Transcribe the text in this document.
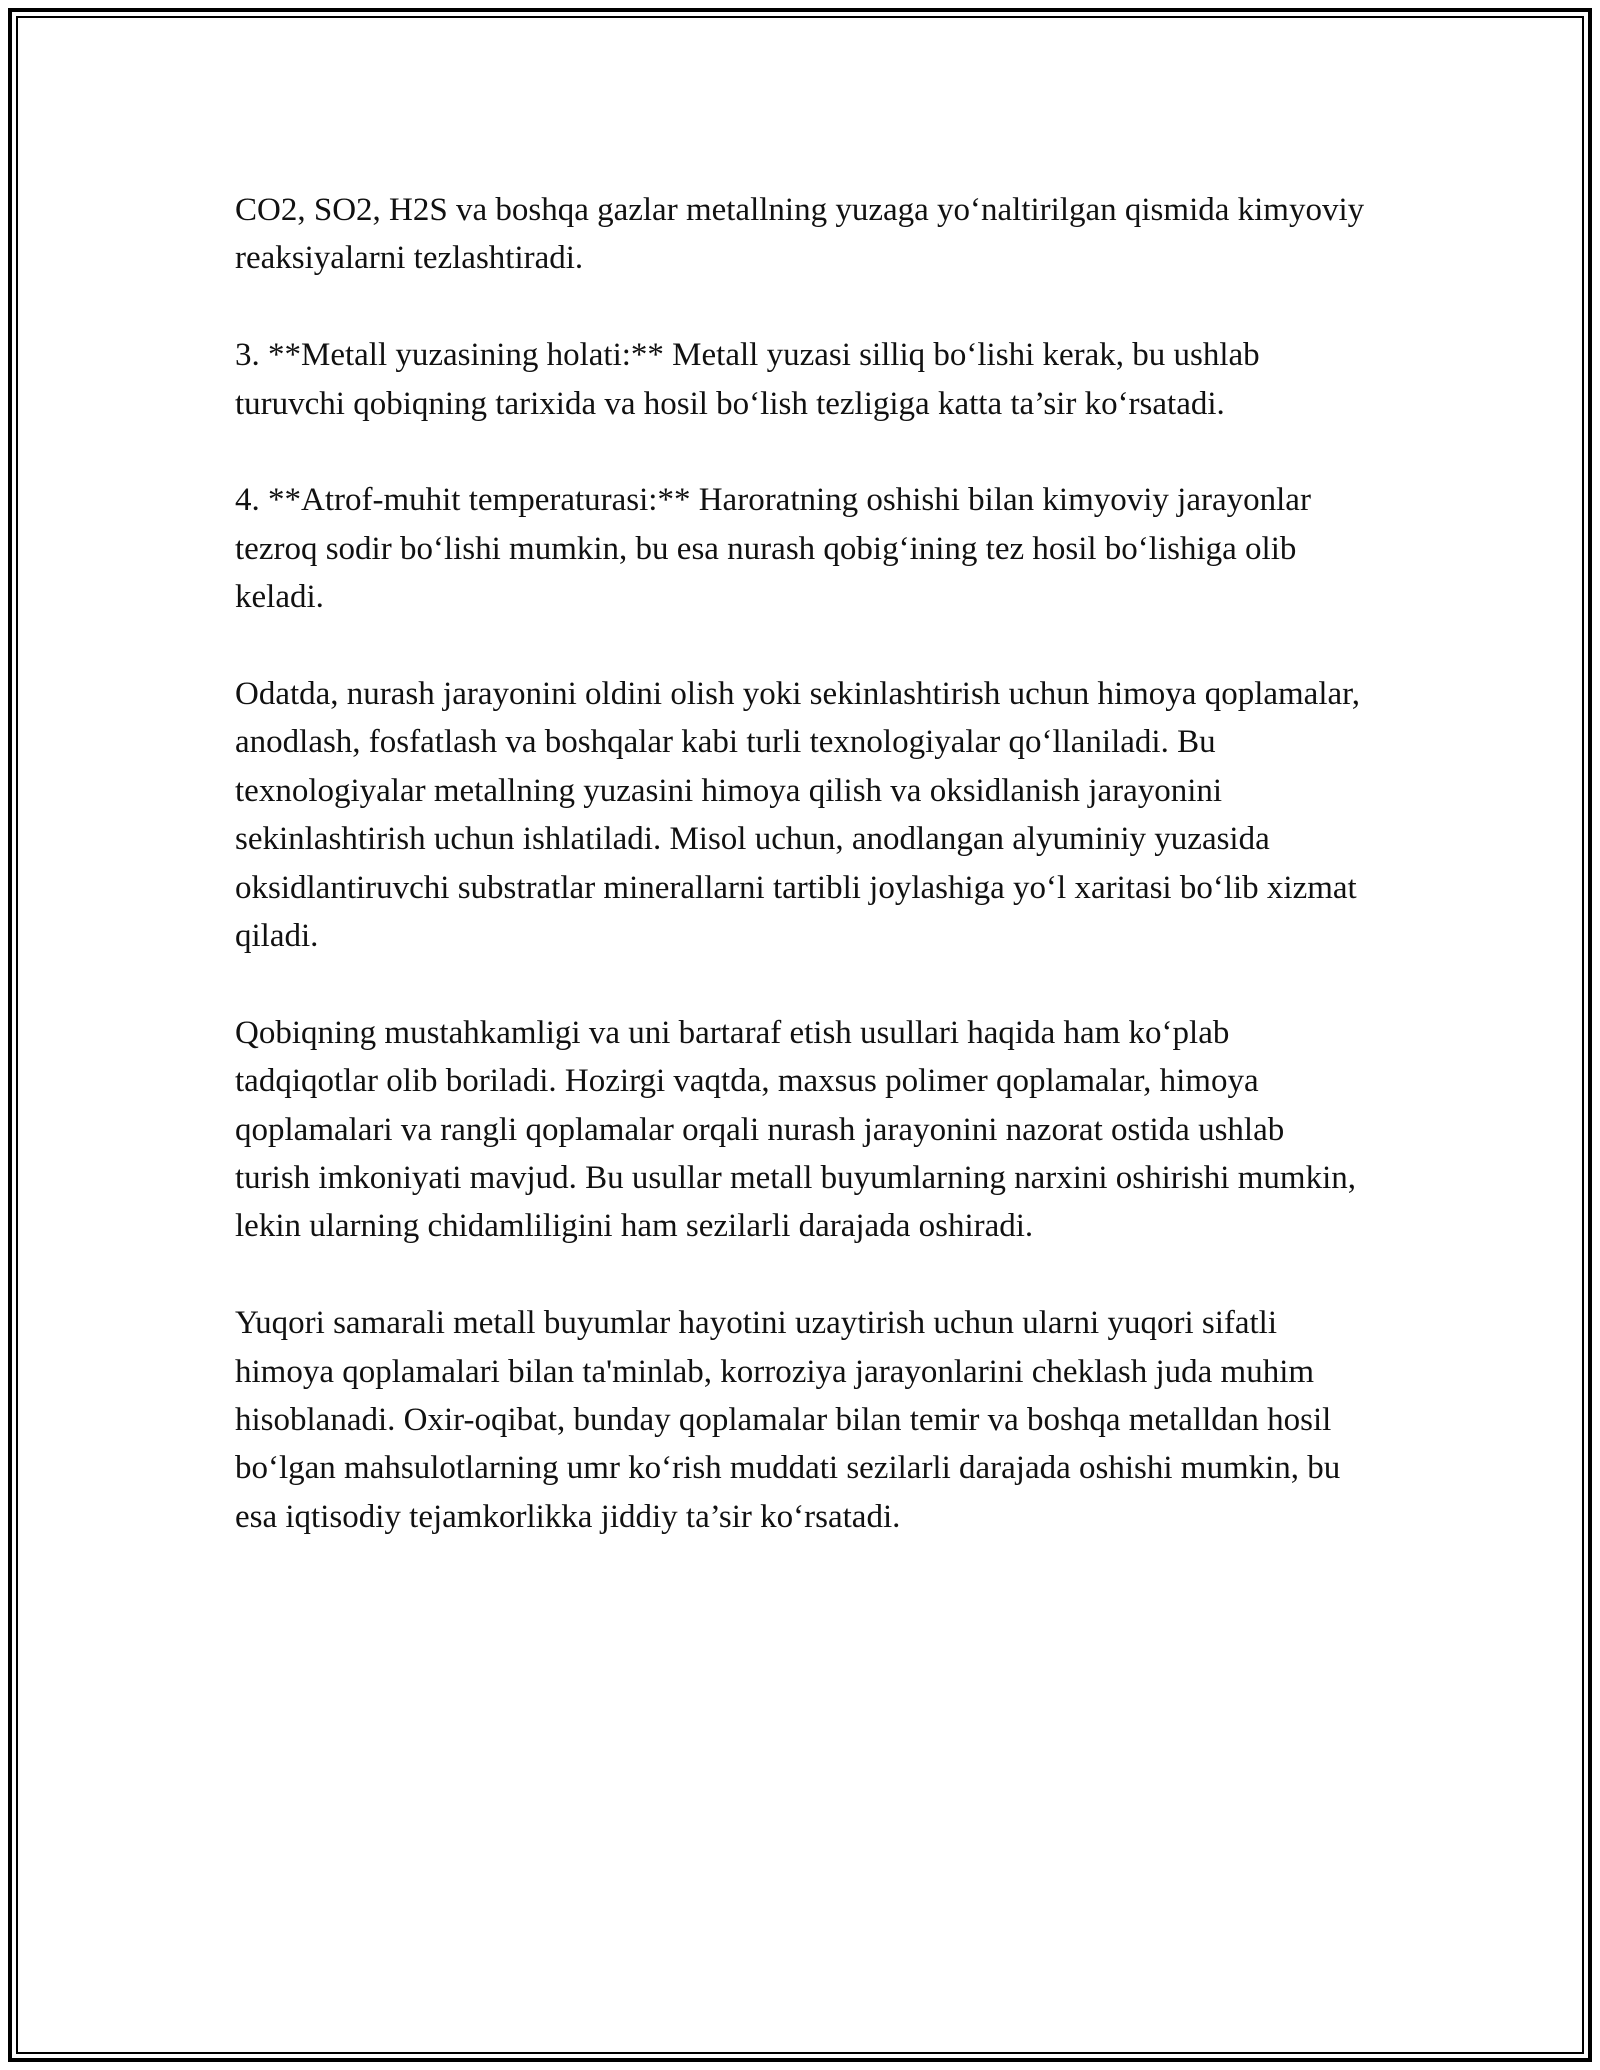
CO2, SO2, H2S va boshqa gazlar metallning yuzaga yo‘naltirilgan qismida kimyoviy reaksiyalarni tezlashtiradi.

3. **Metall yuzasining holati:** Metall yuzasi silliq bo‘lishi kerak, bu ushlab turuvchi qobiqning tarixida va hosil bo‘lish tezligiga katta ta’sir ko‘rsatadi.

4. **Atrof-muhit temperaturasi:** Haroratning oshishi bilan kimyoviy jarayonlar tezroq sodir bo‘lishi mumkin, bu esa nurash qobig‘ining tez hosil bo‘lishiga olib keladi.

Odatda, nurash jarayonini oldini olish yoki sekinlashtirish uchun himoya qoplamalar, anodlash, fosfatlash va boshqalar kabi turli texnologiyalar qo‘llaniladi. Bu texnologiyalar metallning yuzasini himoya qilish va oksidlanish jarayonini sekinlashtirish uchun ishlatiladi. Misol uchun, anodlangan alyuminiy yuzasida oksidlantiruvchi substratlar minerallarni tartibli joylashiga yo‘l xaritasi bo‘lib xizmat qiladi.

Qobiqning mustahkamligi va uni bartaraf etish usullari haqida ham ko‘plab tadqiqotlar olib boriladi. Hozirgi vaqtda, maxsus polimer qoplamalar, himoya qoplamalari va rangli qoplamalar orqali nurash jarayonini nazorat ostida ushlab turish imkoniyati mavjud. Bu usullar metall buyumlarning narxini oshirishi mumkin, lekin ularning chidamliligini ham sezilarli darajada oshiradi.

Yuqori samarali metall buyumlar hayotini uzaytirish uchun ularni yuqori sifatli himoya qoplamalari bilan ta'minlab, korroziya jarayonlarini cheklash juda muhim hisoblanadi. Oxir-oqibat, bunday qoplamalar bilan temir va boshqa metalldan hosil bo‘lgan mahsulotlarning umr ko‘rish muddati sezilarli darajada oshishi mumkin, bu esa iqtisodiy tejamkorlikka jiddiy ta’sir ko‘rsatadi.
